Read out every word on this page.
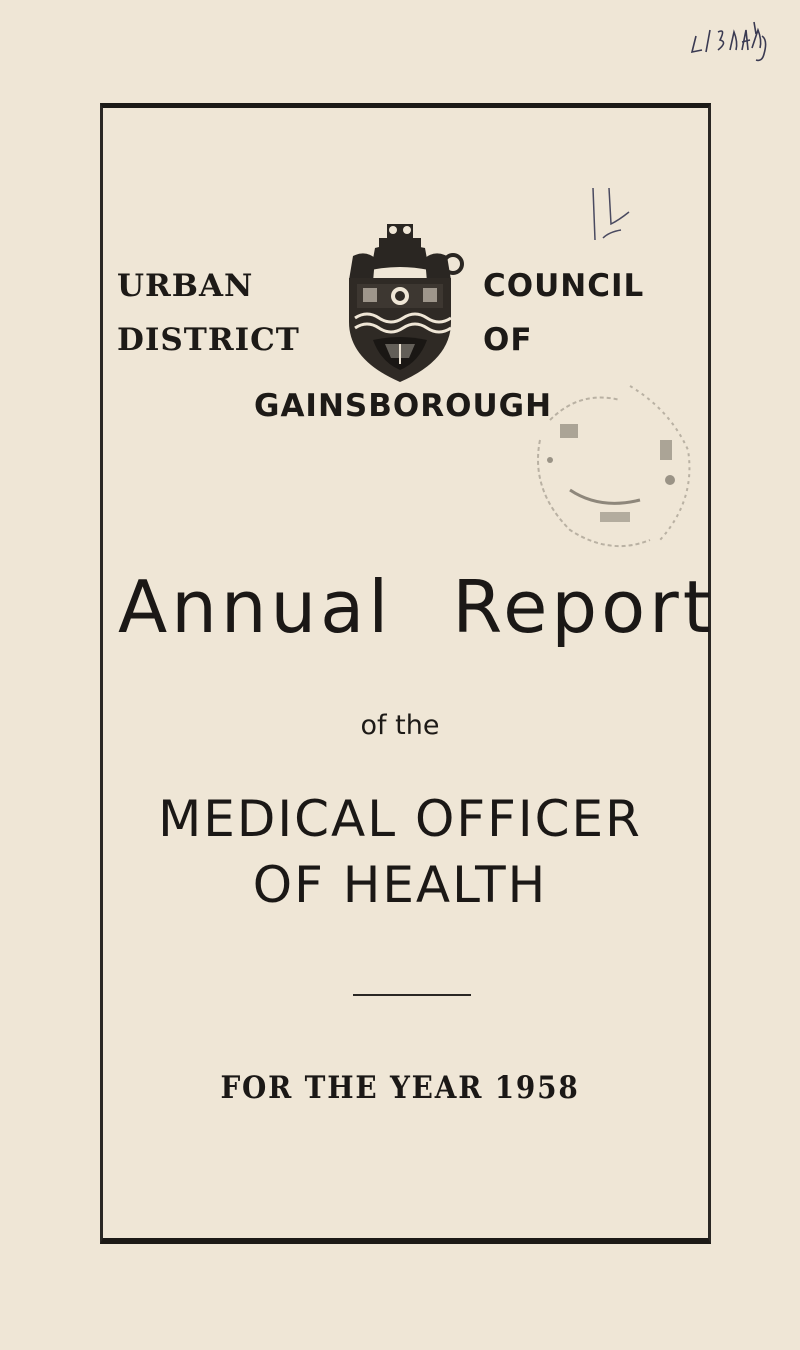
URBAN
DISTRICT
COUNCIL
OF
GAINSBOROUGH
Annual Report
of the
MEDICAL OFFICER
OF HEALTH
FOR THE YEAR 1958
